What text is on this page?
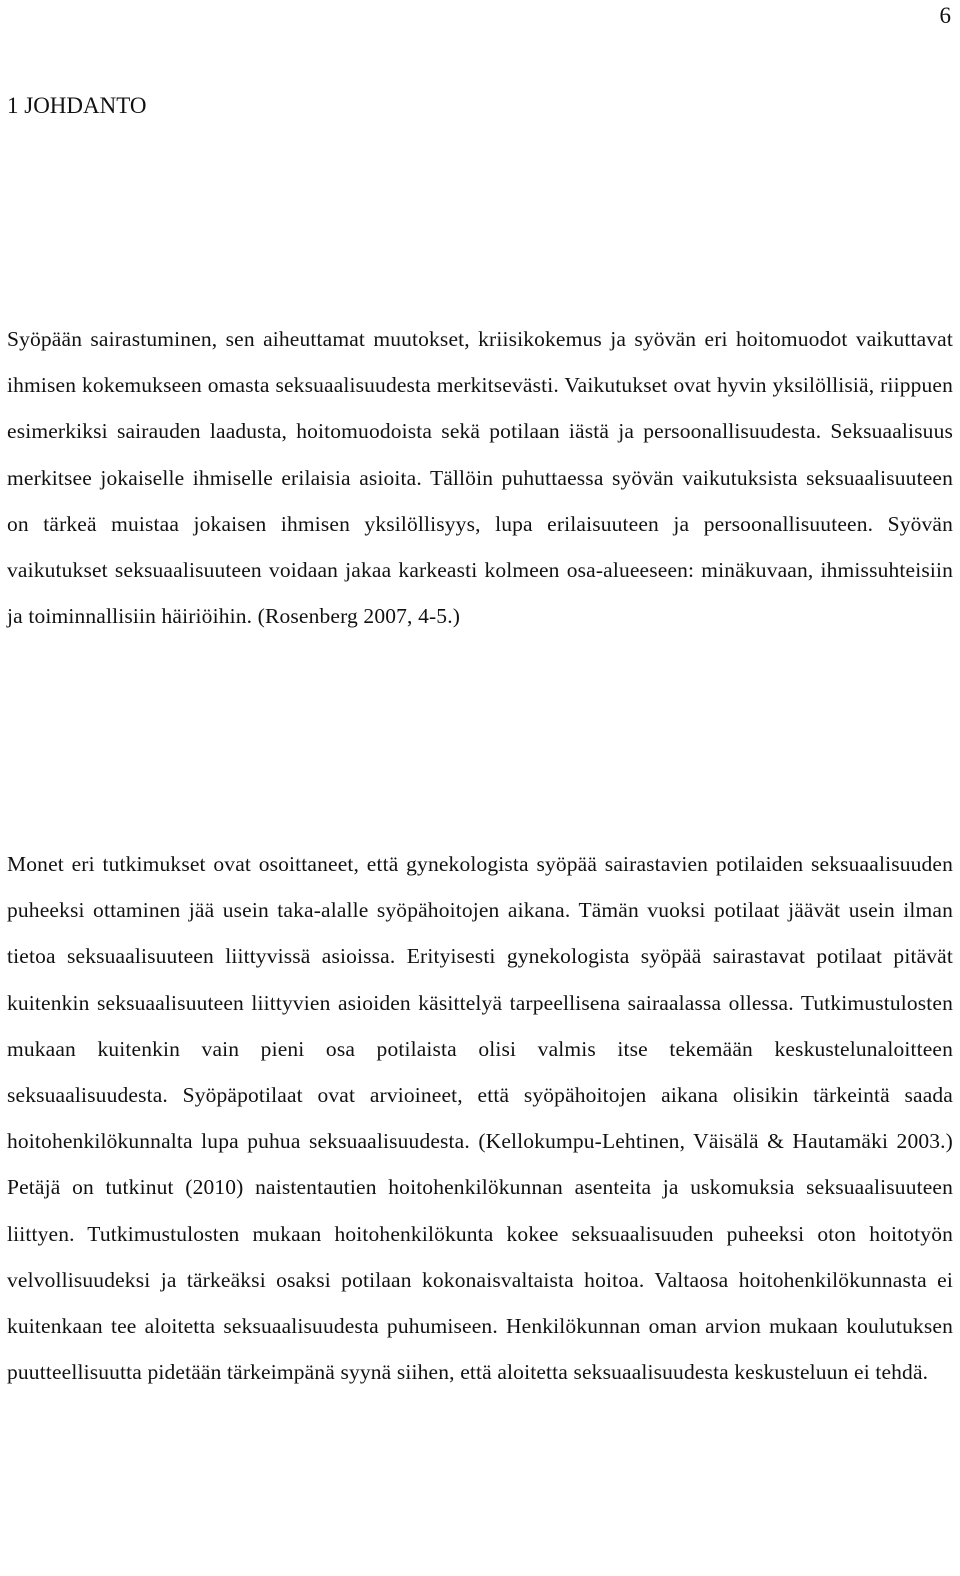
6
1 JOHDANTO

Syöpään sairastuminen, sen aiheuttamat muutokset, kriisikokemus ja syövän eri hoitomuodot vaikuttavat ihmisen kokemukseen omasta seksuaalisuudesta merkitsevästi. Vaikutukset ovat hyvin yksilöllisiä, riippuen esimerkiksi sairauden laadusta, hoitomuodoista sekä potilaan iästä ja persoonallisuudesta. Seksuaalisuus merkitsee jokaiselle ihmiselle erilaisia asioita. Tällöin puhuttaessa syövän vaikutuksista seksuaalisuuteen on tärkeä muistaa jokaisen ihmisen yksilöllisyys, lupa erilaisuuteen ja persoonallisuuteen. Syövän vaikutukset seksuaalisuuteen voidaan jakaa karkeasti kolmeen osa-alueeseen: minäkuvaan, ihmissuhteisiin ja toiminnallisiin häiriöihin. (Rosenberg 2007, 4-5.)

Monet eri tutkimukset ovat osoittaneet, että gynekologista syöpää sairastavien potilaiden seksuaalisuuden puheeksi ottaminen jää usein taka-alalle syöpähoitojen aikana. Tämän vuoksi potilaat jäävät usein ilman tietoa seksuaalisuuteen liittyvissä asioissa. Erityisesti gynekologista syöpää sairastavat potilaat pitävät kuitenkin seksuaalisuuteen liittyvien asioiden käsittelyä tarpeellisena sairaalassa ollessa. Tutkimustulosten mukaan kuitenkin vain pieni osa potilaista olisi valmis itse tekemään keskustelunaloitteen seksuaalisuudesta. Syöpäpotilaat ovat arvioineet, että syöpähoitojen aikana olisikin tärkeintä saada hoitohenkilökunnalta lupa puhua seksuaalisuudesta. (Kellokumpu-Lehtinen, Väisälä & Hautamäki 2003.) Petäjä on tutkinut (2010) naistentautien hoitohenkilökunnan asenteita ja uskomuksia seksuaalisuuteen liittyen. Tutkimustulosten mukaan hoitohenkilökunta kokee seksuaalisuuden puheeksi oton hoitotyön velvollisuudeksi ja tärkeäksi osaksi potilaan kokonaisvaltaista hoitoa. Valtaosa hoitohenkilökunnasta ei kuitenkaan tee aloitetta seksuaalisuudesta puhumiseen. Henkilökunnan oman arvion mukaan koulutuksen puutteellisuutta pidetään tärkeimpänä syynä siihen, että aloitetta seksuaalisuudesta keskusteluun ei tehdä.
